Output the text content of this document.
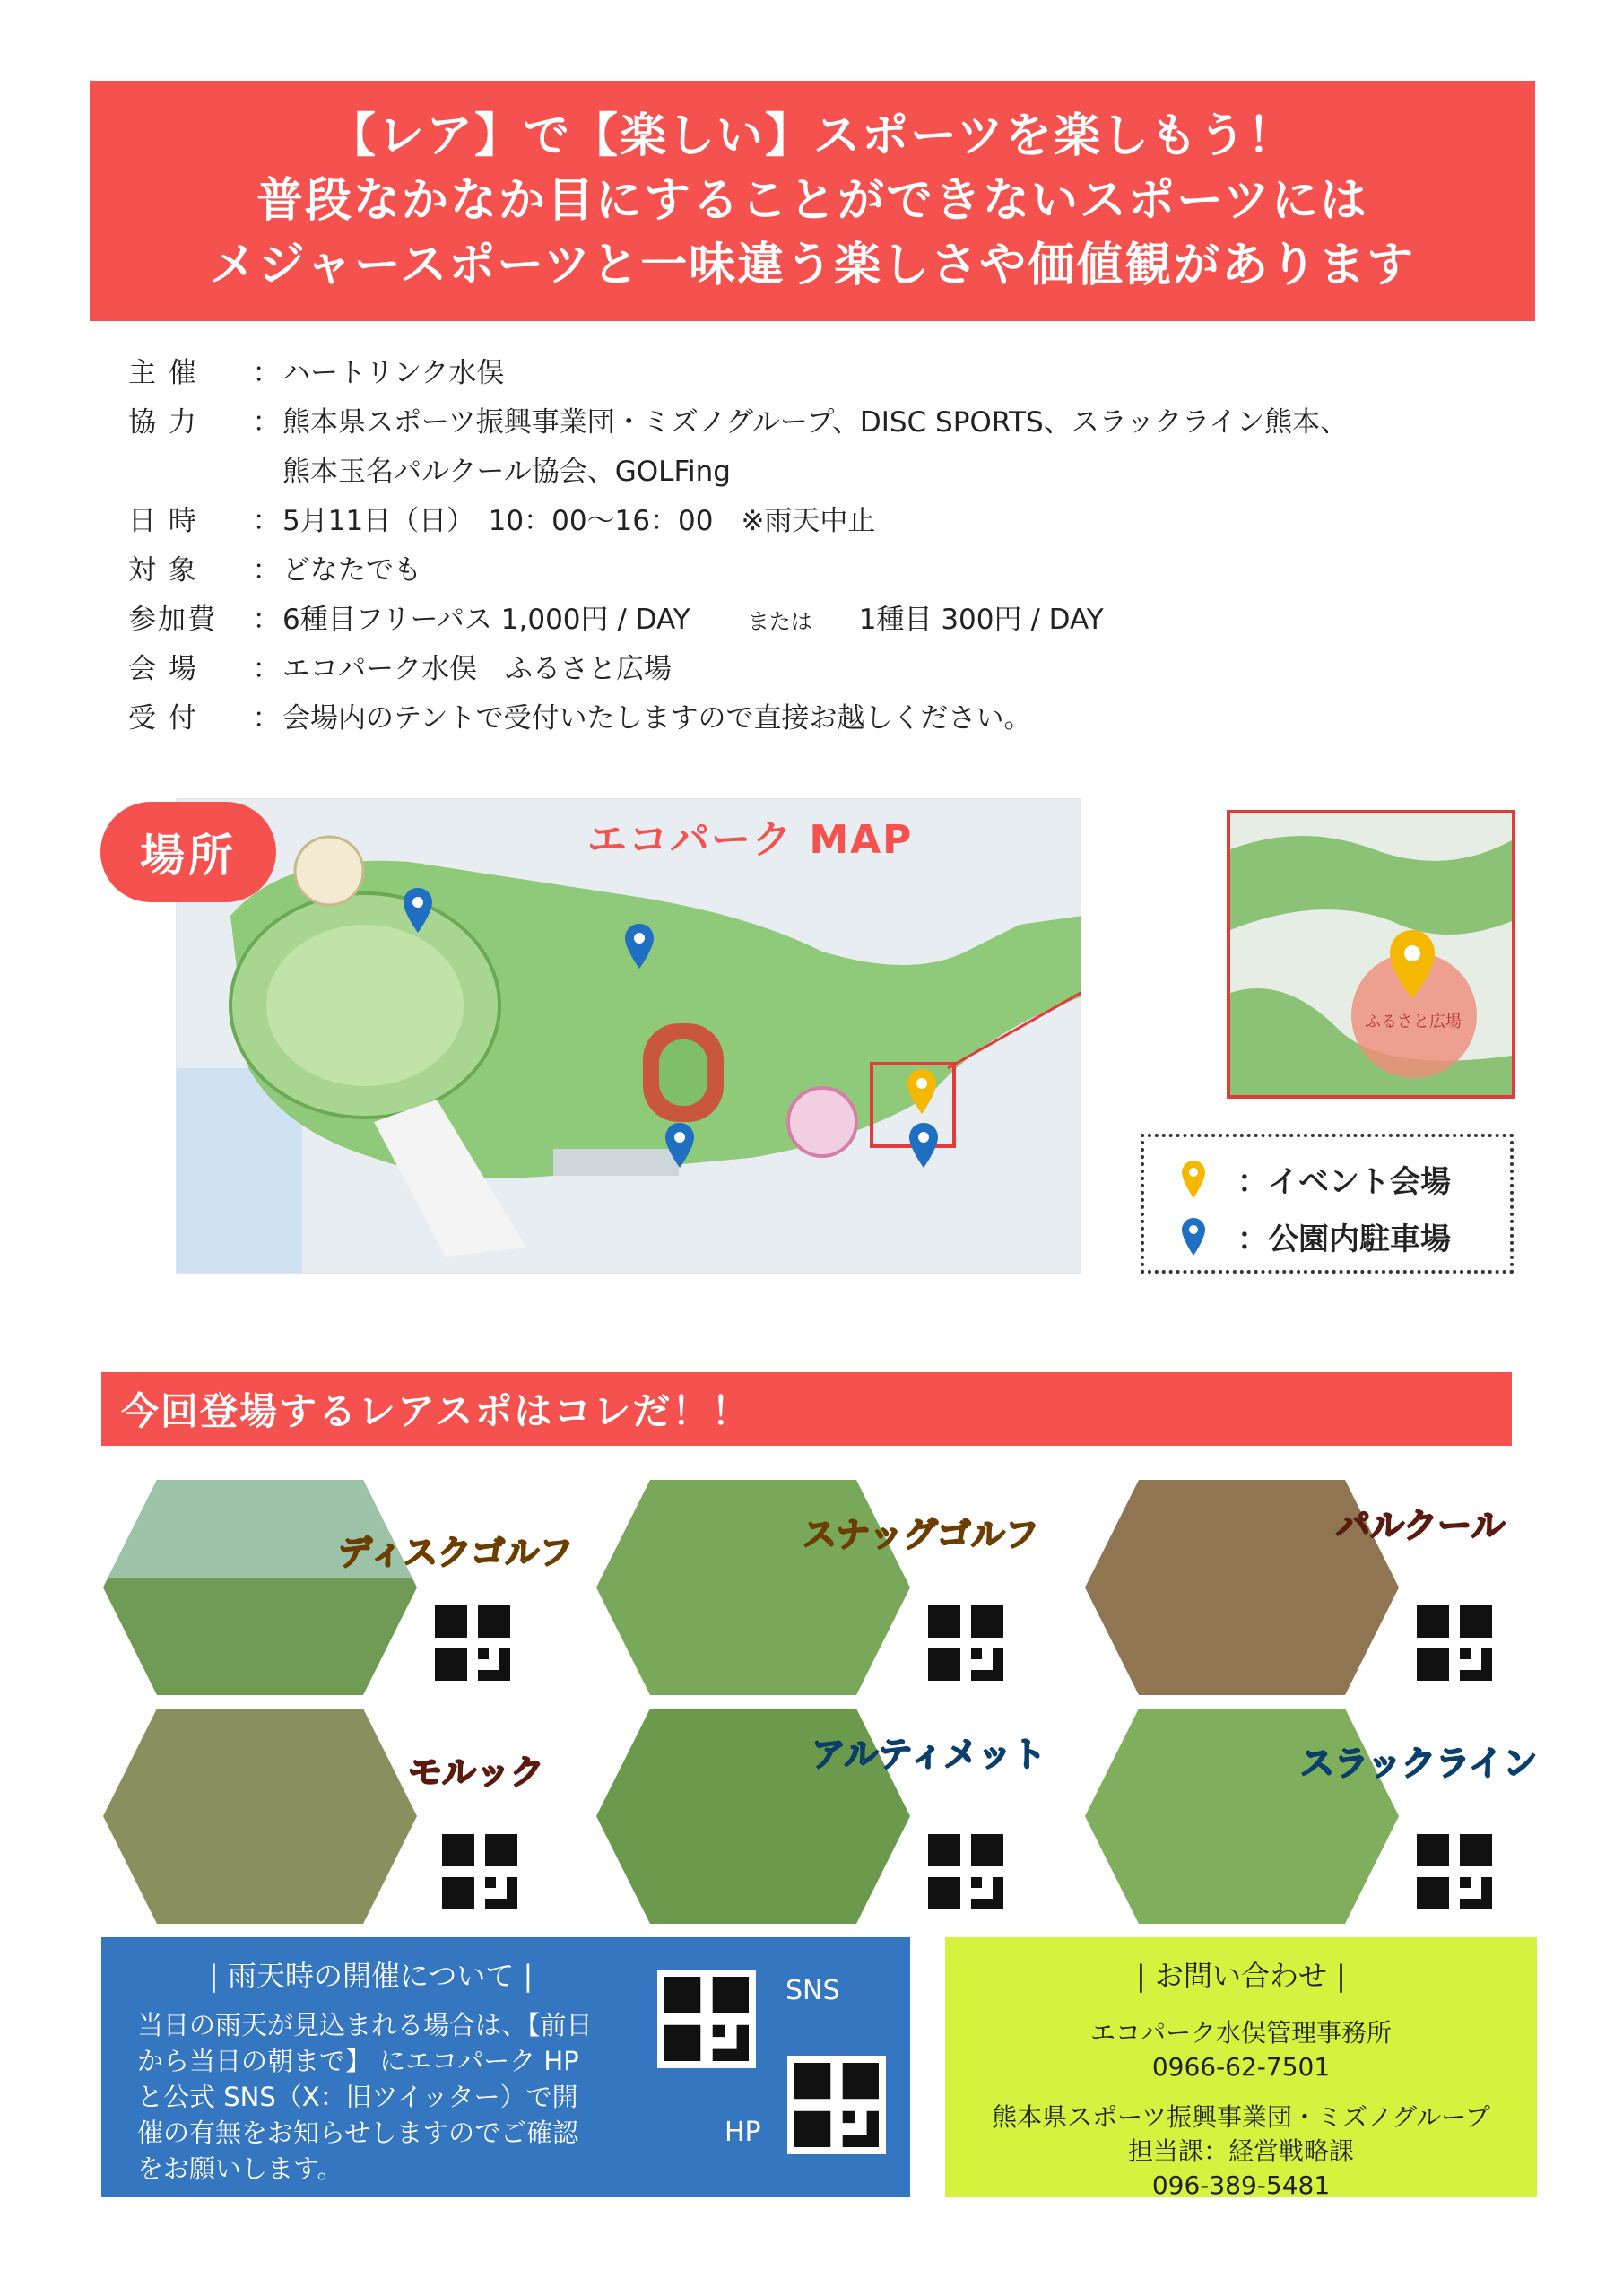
【レア】で【楽しい】スポーツを楽しもう！
普段なかなか目にすることができないスポーツには
メジャースポーツと一味違う楽しさや価値観があります
主 催	： ハートリンク水俣
協 力	： 熊本県スポーツ振興事業団・ミズノグループ、DISC SPORTS、スラックライン熊本、
熊本玉名パルクール協会、GOLFing
日 時	： 5月11日（日）　10：00〜16：00　※雨天中止
対 象	： どなたでも
参加費	： 6種目フリーパス 1,000円 / DAY	または 1種目 300円 / DAY
会 場	： エコパーク水俣　ふるさと広場
受 付	： 会場内のテントで受付いたしますので直接お越しください。
場所	エコパーク MAP
ふるさと広場
：イベント会場
：公園内駐車場
今回登場するレアスポはコレだ！！
ディスクゴルフ	スナッグゴルフ	パルクール
モルック	アルティメット	スラックライン
| 雨天時の開催について |
当日の雨天が見込まれる場合は、【前日
から当日の朝まで】 にエコパーク HP
と公式 SNS（X：旧ツイッター）で開
催の有無をお知らせしますのでご確認
をお願いします。
SNS
HP
| お問い合わせ |
エコパーク水俣管理事務所
0966-62-7501
熊本県スポーツ振興事業団・ミズノグループ
担当課：経営戦略課
096-389-5481
